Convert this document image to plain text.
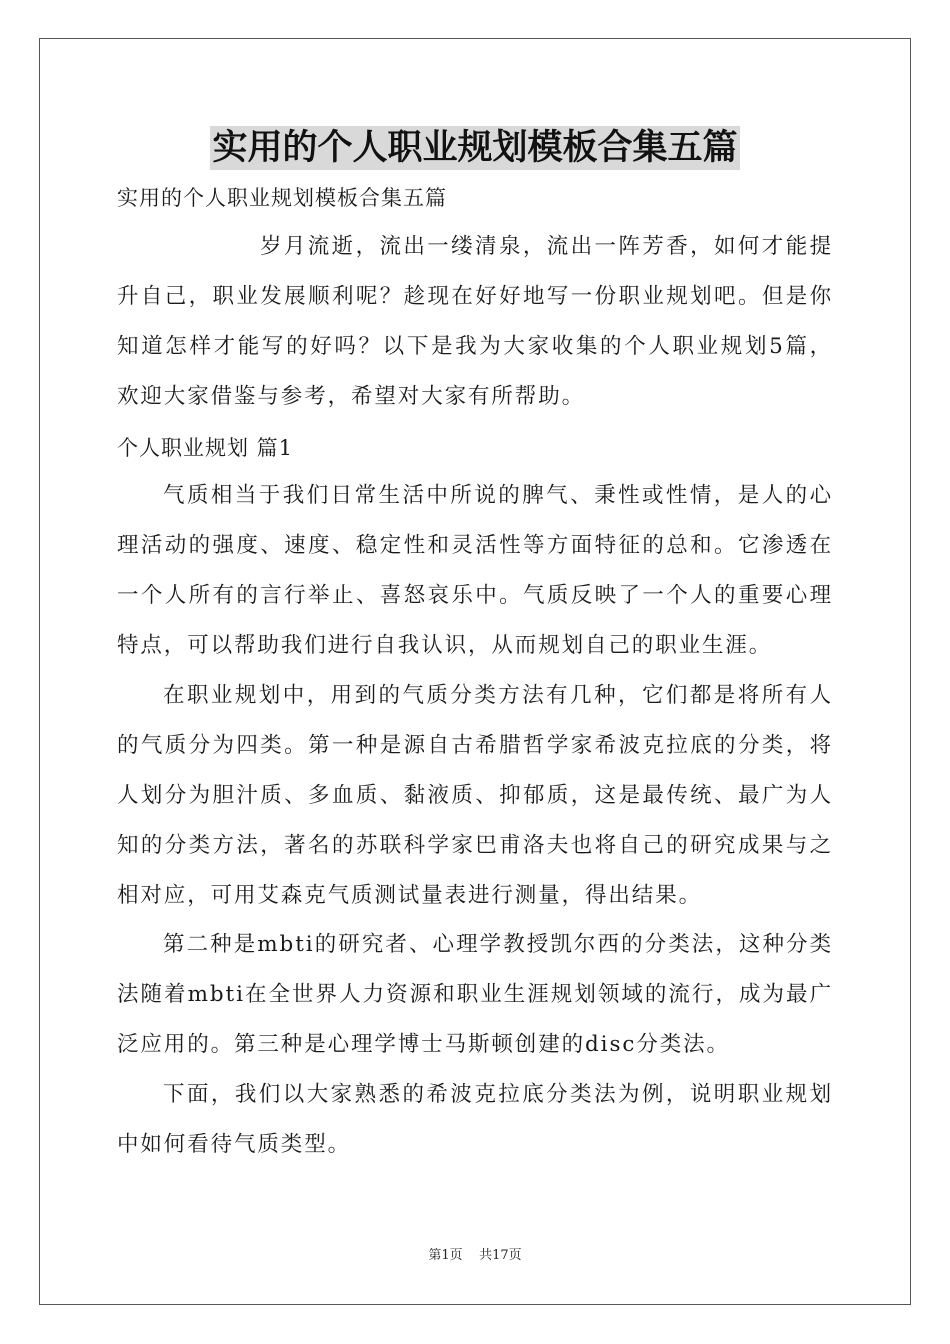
实用的个人职业规划模板合集五篇
实用的个人职业规划模板合集五篇
岁月流逝，流出一缕清泉，流出一阵芳香，如何才能提升自己，职业发展顺利呢？趁现在好好地写一份职业规划吧。但是你知道怎样才能写的好吗？以下是我为大家收集的个人职业规划5篇，欢迎大家借鉴与参考，希望对大家有所帮助。
个人职业规划 篇1
气质相当于我们日常生活中所说的脾气、秉性或性情，是人的心理活动的强度、速度、稳定性和灵活性等方面特征的总和。它渗透在一个人所有的言行举止、喜怒哀乐中。气质反映了一个人的重要心理特点，可以帮助我们进行自我认识，从而规划自己的职业生涯。
在职业规划中，用到的气质分类方法有几种，它们都是将所有人的气质分为四类。第一种是源自古希腊哲学家希波克拉底的分类，将人划分为胆汁质、多血质、黏液质、抑郁质，这是最传统、最广为人知的分类方法，著名的苏联科学家巴甫洛夫也将自己的研究成果与之相对应，可用艾森克气质测试量表进行测量，得出结果。
第二种是mbti的研究者、心理学教授凯尔西的分类法，这种分类法随着mbti在全世界人力资源和职业生涯规划领域的流行，成为最广泛应用的。第三种是心理学博士马斯顿创建的disc分类法。
下面，我们以大家熟悉的希波克拉底分类法为例，说明职业规划中如何看待气质类型。
第1页 共17页
